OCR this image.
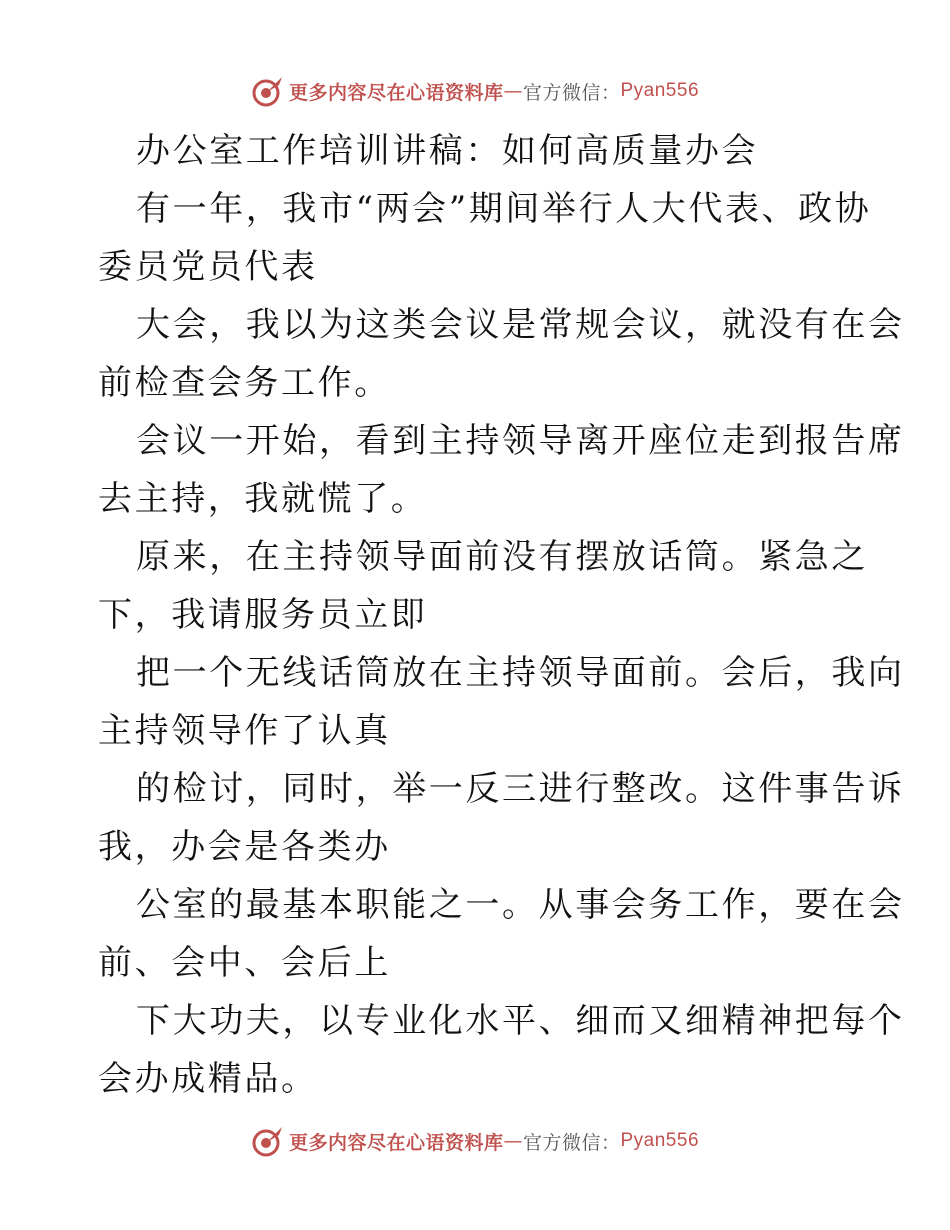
更多内容尽在心语资料库 — 官方微信： Pyan556

办公室工作培训讲稿：如何高质量办会

有一年，我市“两会”期间举行人大代表、政协
委员党员代表

大会，我以为这类会议是常规会议，就没有在会
前检查会务工作。

会议一开始，看到主持领导离开座位走到报告席
去主持，我就慌了。

原来，在主持领导面前没有摆放话筒。紧急之
下，我请服务员立即

把一个无线话筒放在主持领导面前。会后，我向
主持领导作了认真

的检讨，同时，举一反三进行整改。这件事告诉
我，办会是各类办

公室的最基本职能之一。从事会务工作，要在会
前、会中、会后上

下大功夫，以专业化水平、细而又细精神把每个
会办成精品。

更多内容尽在心语资料库 — 官方微信： Pyan556
